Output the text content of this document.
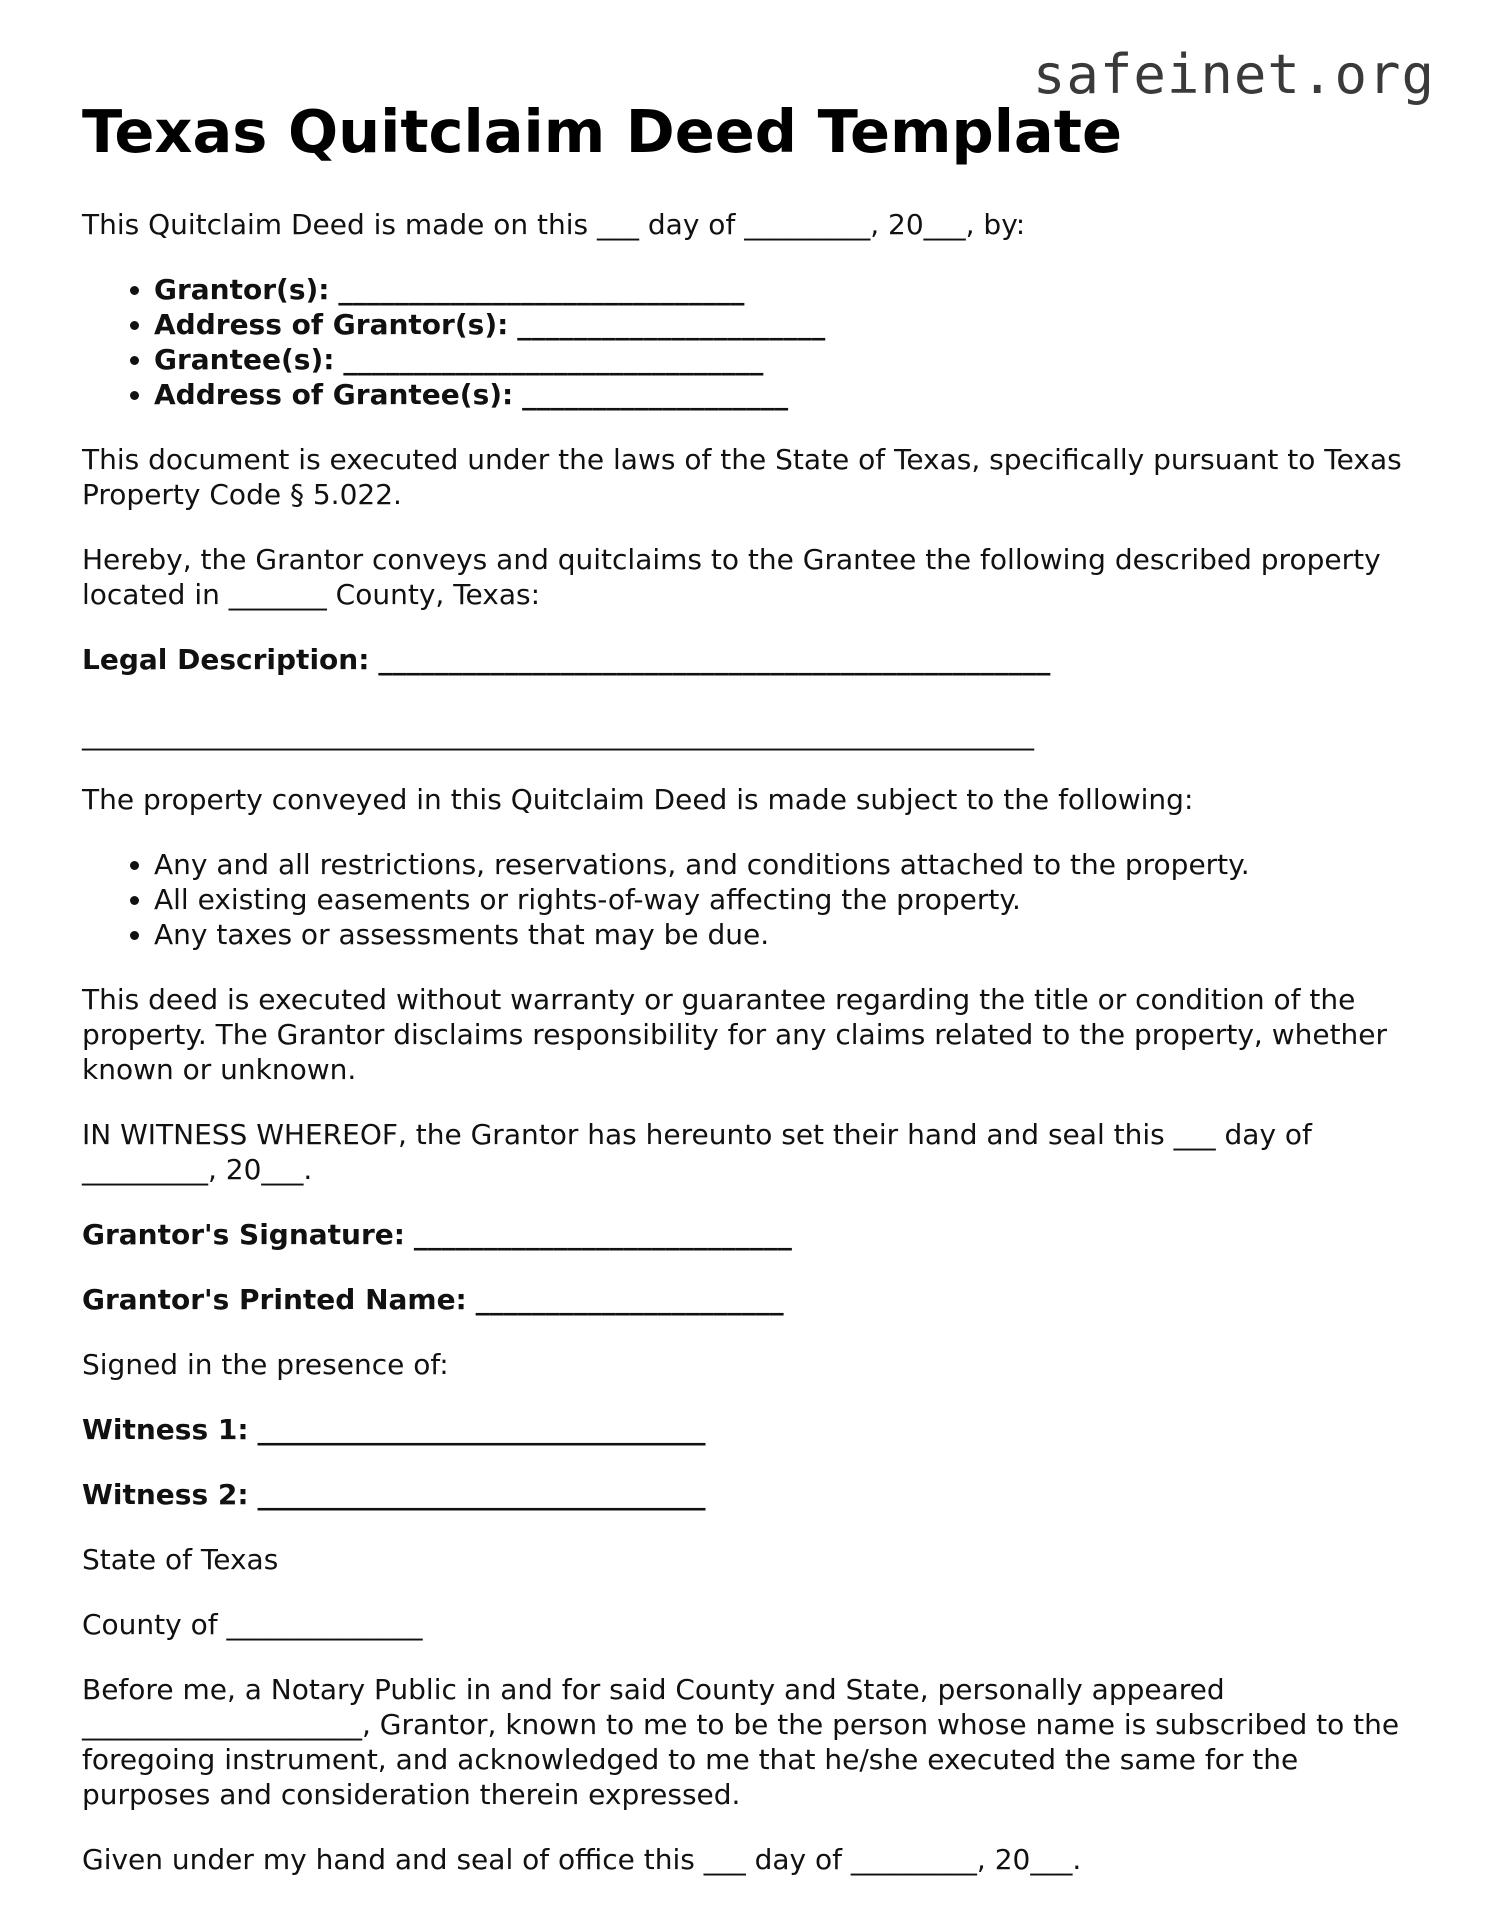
safeinet.org
Texas Quitclaim Deed Template

This Quitclaim Deed is made on this ___ day of _________, 20___, by:

• Grantor(s): _____________________________
• Address of Grantor(s): ______________________
• Grantee(s): ______________________________
• Address of Grantee(s): ___________________

This document is executed under the laws of the State of Texas, specifically pursuant to Texas Property Code § 5.022.

Hereby, the Grantor conveys and quitclaims to the Grantee the following described property located in _______ County, Texas:

Legal Description: ________________________________________________

____________________________________________________________________

The property conveyed in this Quitclaim Deed is made subject to the following:

• Any and all restrictions, reservations, and conditions attached to the property.
• All existing easements or rights-of-way affecting the property.
• Any taxes or assessments that may be due.

This deed is executed without warranty or guarantee regarding the title or condition of the property. The Grantor disclaims responsibility for any claims related to the property, whether known or unknown.

IN WITNESS WHEREOF, the Grantor has hereunto set their hand and seal this ___ day of _________, 20___.

Grantor's Signature: ___________________________

Grantor's Printed Name: ______________________

Signed in the presence of:

Witness 1: ________________________________

Witness 2: ________________________________

State of Texas

County of ______________

Before me, a Notary Public in and for said County and State, personally appeared ____________________, Grantor, known to me to be the person whose name is subscribed to the foregoing instrument, and acknowledged to me that he/she executed the same for the purposes and consideration therein expressed.

Given under my hand and seal of office this ___ day of _________, 20___.
